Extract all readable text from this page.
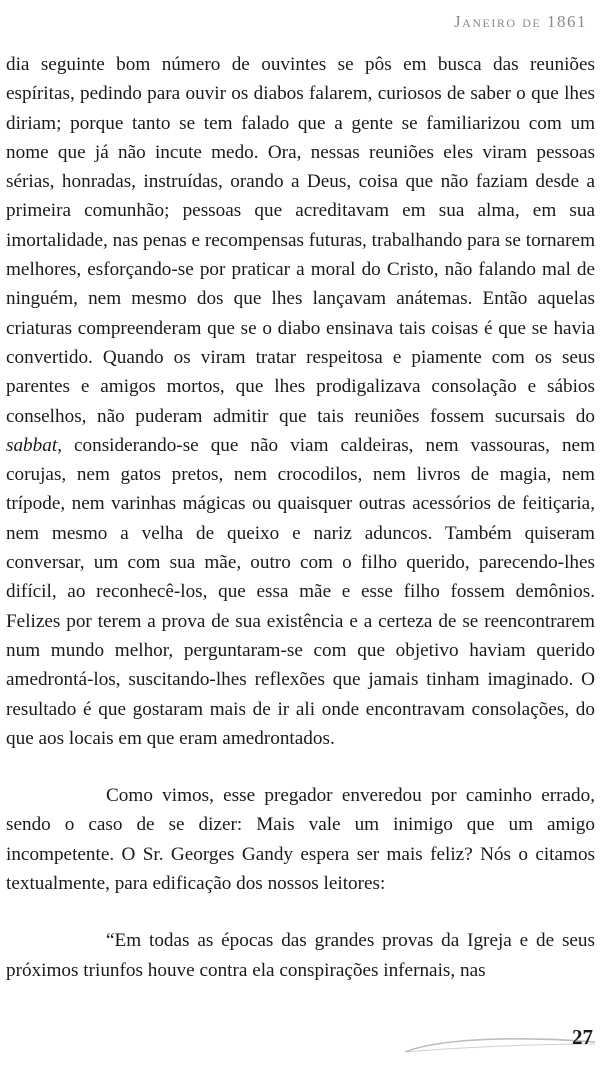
Janeiro de 1861

dia seguinte bom número de ouvintes se pôs em busca das reuniões espíritas, pedindo para ouvir os diabos falarem, curiosos de saber o que lhes diriam; porque tanto se tem falado que a gente se familiarizou com um nome que já não incute medo. Ora, nessas reuniões eles viram pessoas sérias, honradas, instruídas, orando a Deus, coisa que não faziam desde a primeira comunhão; pessoas que acreditavam em sua alma, em sua imortalidade, nas penas e recompensas futuras, trabalhando para se tornarem melhores, esforçando-se por praticar a moral do Cristo, não falando mal de ninguém, nem mesmo dos que lhes lançavam anátemas. Então aquelas criaturas compreenderam que se o diabo ensinava tais coisas é que se havia convertido. Quando os viram tratar respeitosa e piamente com os seus parentes e amigos mortos, que lhes prodigalizava consolação e sábios conselhos, não puderam admitir que tais reuniões fossem sucursais do sabbat, considerando-se que não viam caldeiras, nem vassouras, nem corujas, nem gatos pretos, nem crocodilos, nem livros de magia, nem trípode, nem varinhas mágicas ou quaisquer outras acessórios de feitiçaria, nem mesmo a velha de queixo e nariz aduncos. Também quiseram conversar, um com sua mãe, outro com o filho querido, parecendo-lhes difícil, ao reconhecê-los, que essa mãe e esse filho fossem demônios. Felizes por terem a prova de sua existência e a certeza de se reencontrarem num mundo melhor, perguntaram-se com que objetivo haviam querido amedrontá-los, suscitando-lhes reflexões que jamais tinham imaginado. O resultado é que gostaram mais de ir ali onde encontravam consolações, do que aos locais em que eram amedrontados.

Como vimos, esse pregador enveredou por caminho errado, sendo o caso de se dizer: Mais vale um inimigo que um amigo incompetente. O Sr. Georges Gandy espera ser mais feliz? Nós o citamos textualmente, para edificação dos nossos leitores:

“Em todas as épocas das grandes provas da Igreja e de seus próximos triunfos houve contra ela conspirações infernais, nas

27
